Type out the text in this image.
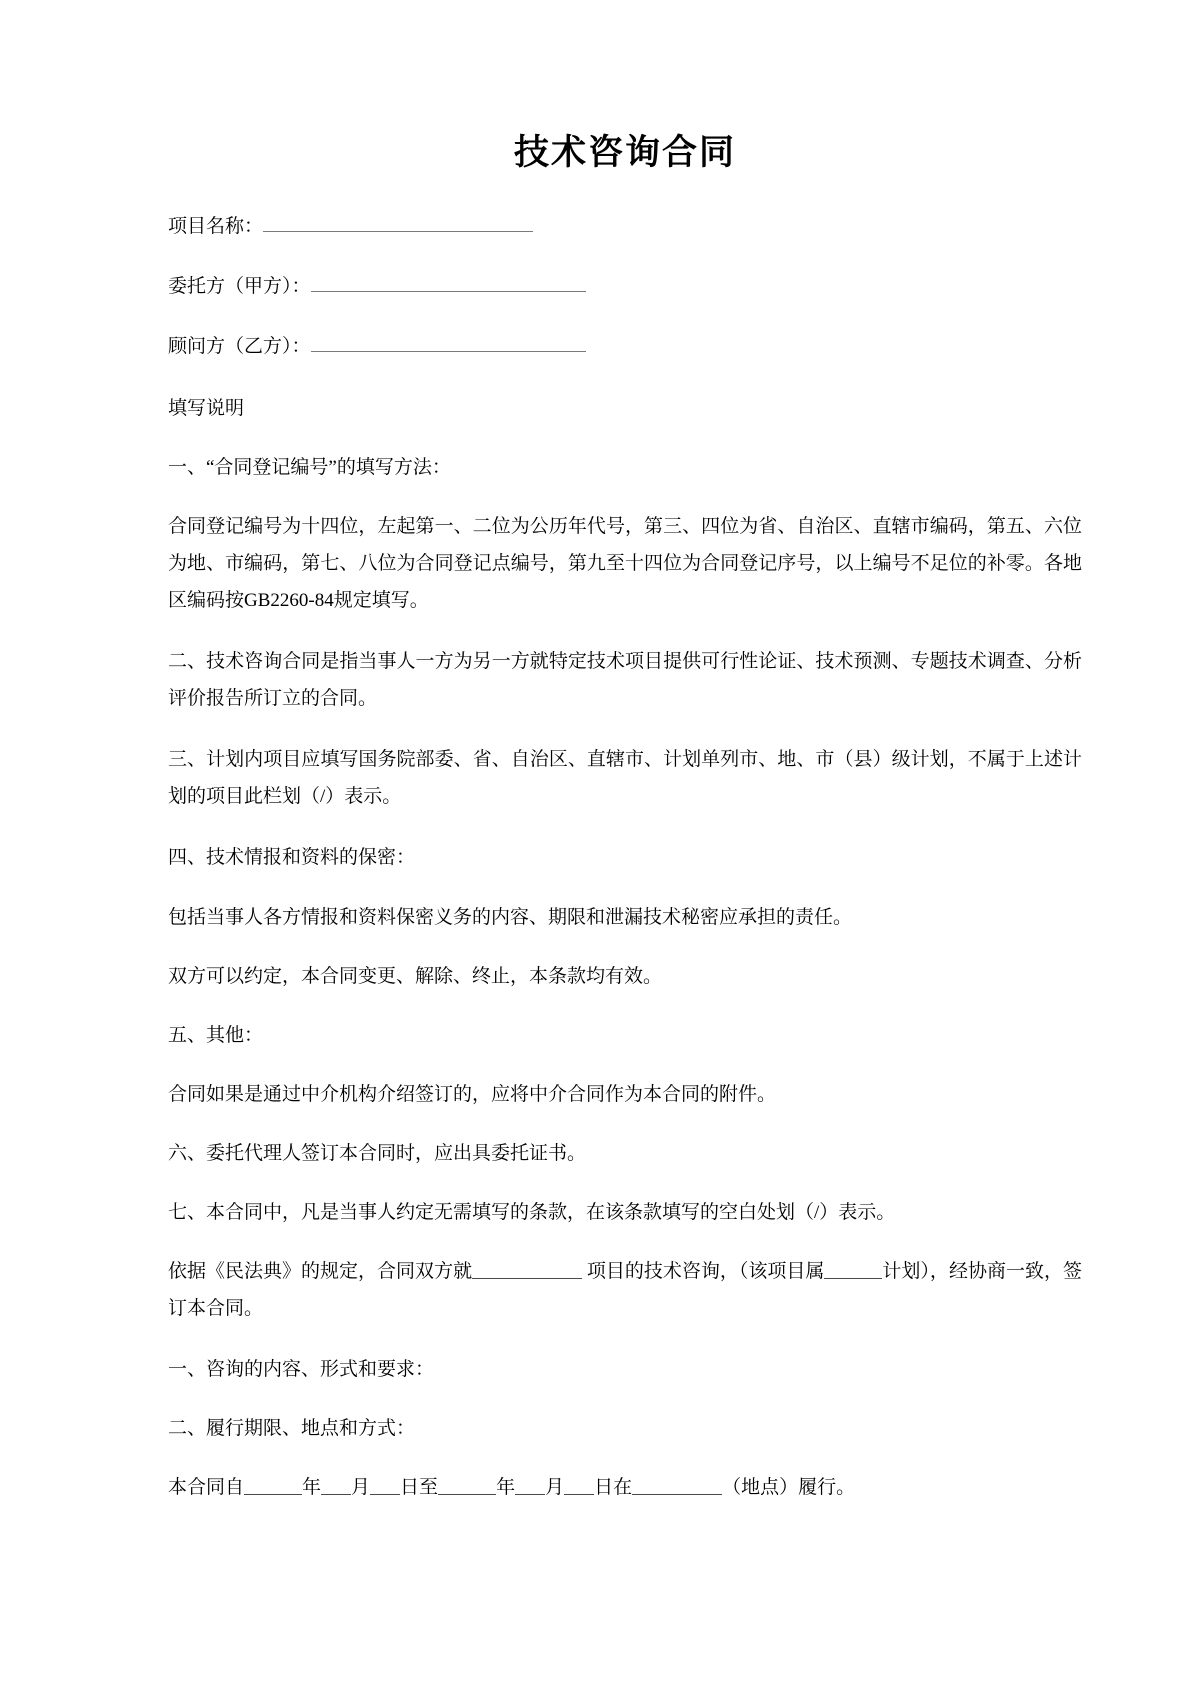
技术咨询合同

项目名称：

委托方（甲方）：

顾问方（乙方）：

填写说明

一、“合同登记编号”的填写方法：

合同登记编号为十四位，左起第一、二位为公历年代号，第三、四位为省、自治区、直辖市编码，第五、六位为地、市编码，第七、八位为合同登记点编号，第九至十四位为合同登记序号，以上编号不足位的补零。各地区编码按GB2260-84规定填写。

二、技术咨询合同是指当事人一方为另一方就特定技术项目提供可行性论证、技术预测、专题技术调查、分析评价报告所订立的合同。

三、计划内项目应填写国务院部委、省、自治区、直辖市、计划单列市、地、市（县）级计划，不属于上述计划的项目此栏划（/）表示。

四、技术情报和资料的保密：

包括当事人各方情报和资料保密义务的内容、期限和泄漏技术秘密应承担的责任。

双方可以约定，本合同变更、解除、终止，本条款均有效。

五、其他：

合同如果是通过中介机构介绍签订的，应将中介合同作为本合同的附件。

六、委托代理人签订本合同时，应出具委托证书。

七、本合同中，凡是当事人约定无需填写的条款，在该条款填写的空白处划（/）表示。

依据《民法典》的规定，合同双方就	项目的技术咨询，（该项目属	计划），经协商一致，签订本合同。

一、咨询的内容、形式和要求：

二、履行期限、地点和方式：

本合同自	年 月 日至	年 月 日在	（地点）履行。
